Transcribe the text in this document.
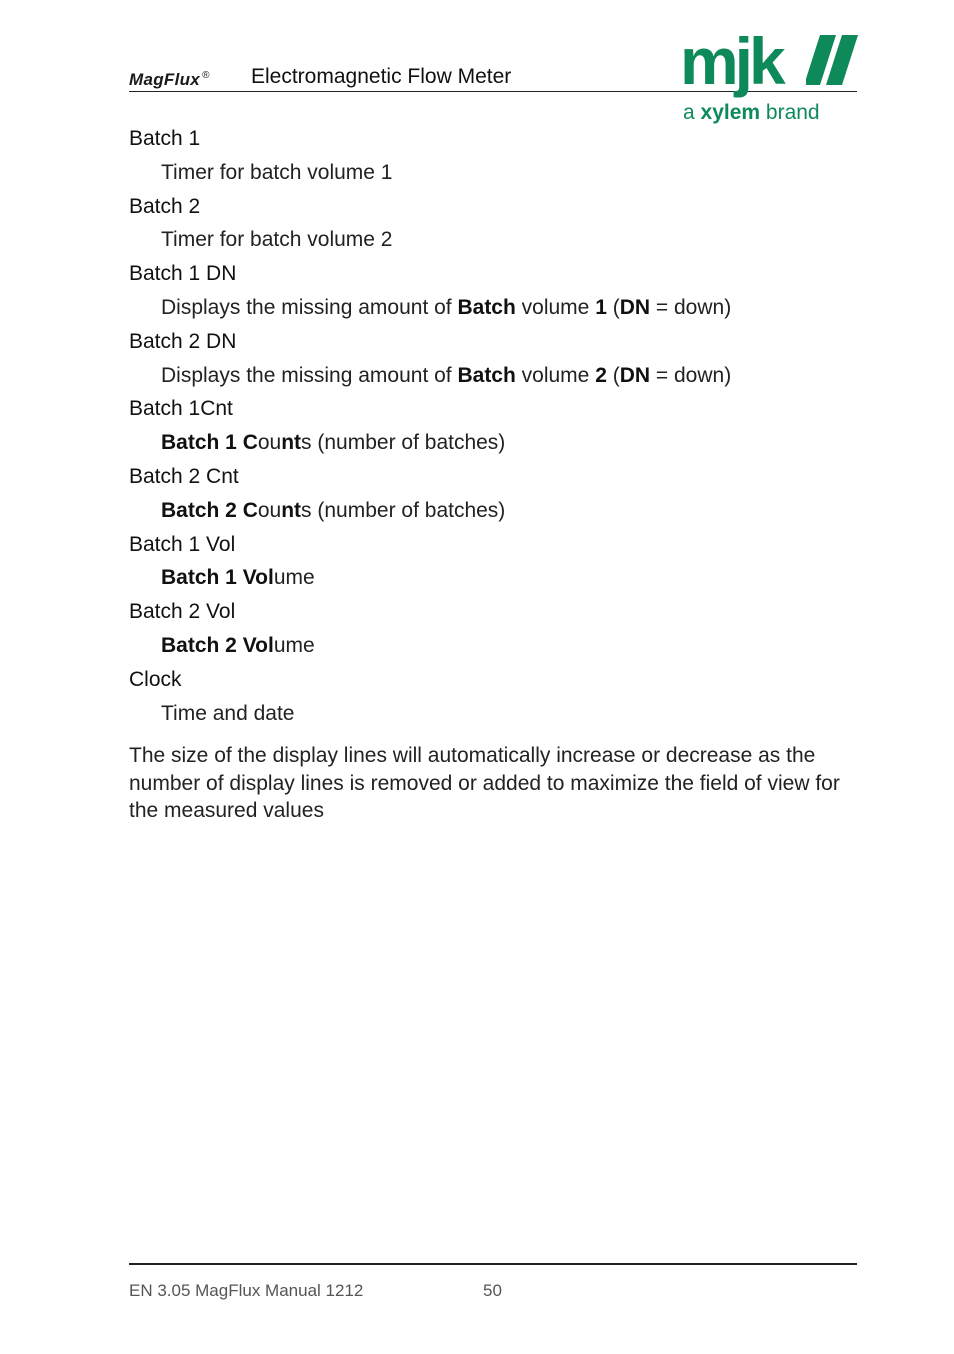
MagFlux ® Electromagnetic Flow Meter	mjk
a xylem brand
Batch 1
Timer for batch volume 1
Batch 2
Timer for batch volume 2
Batch 1 DN
Displays the missing amount of Batch volume 1 (DN = down)
Batch 2 DN
Displays the missing amount of Batch volume 2 (DN = down)
Batch 1Cnt
Batch 1 Counts (number of batches)
Batch 2 Cnt
Batch 2 Counts (number of batches)
Batch 1 Vol
Batch 1 Volume
Batch 2 Vol
Batch 2 Volume
Clock
Time and date
The size of the display lines will automatically increase or decrease as the number of display lines is removed or added to maximize the field of view for the measured values
EN 3.05 MagFlux Manual 1212	50
